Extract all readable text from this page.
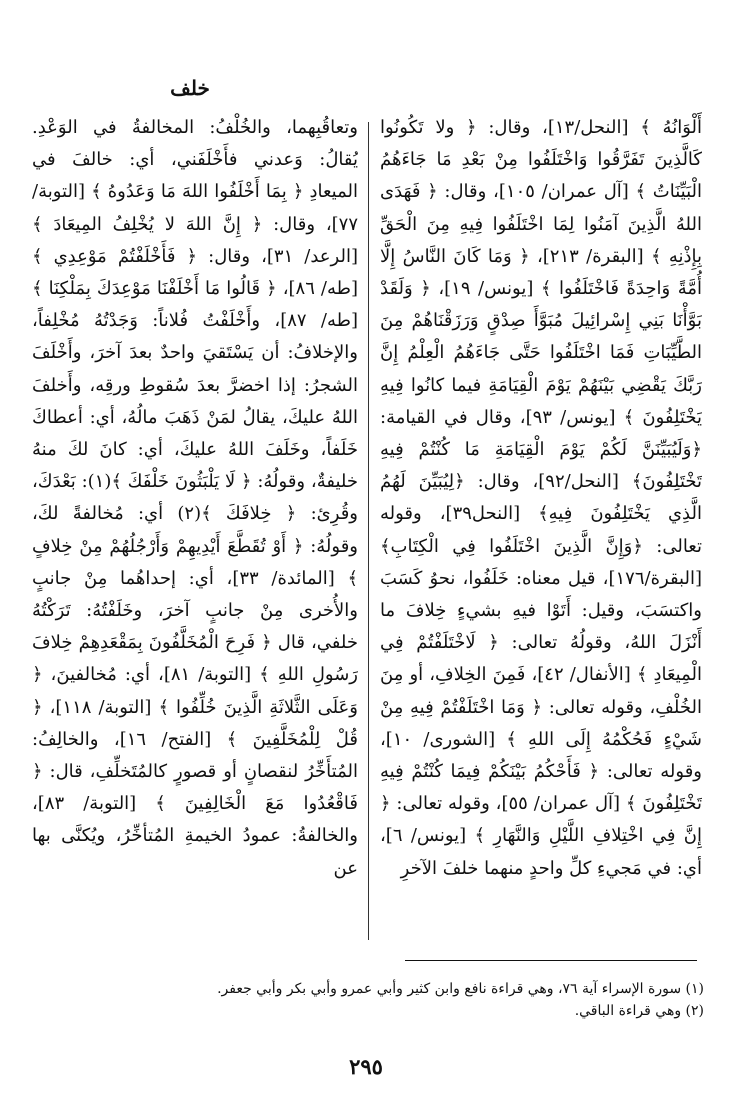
خلف

أَلْوَانُهُ ﴾ [النحل/١٣]، وقال: ﴿ ولا تَكُونُوا كَالَّذِينَ تَفَرَّقُوا وَاخْتَلَفُوا مِنْ بَعْدِ مَا جَاءَهُمُ الْبَيِّنَاتُ ﴾ [آل عمران/ ١٠٥]، وقال: ﴿ فَهَدَى اللهُ الَّذِينَ آمَنُوا لِمَا اخْتَلَفُوا فِيهِ مِنَ الْحَقِّ بِإِذْنِهِ ﴾ [البقرة/ ٢١٣]، ﴿ وَمَا كَانَ النَّاسُ إِلَّا أُمَّةً وَاحِدَةً فَاخْتَلَفُوا ﴾ [يونس/ ١٩]، ﴿ وَلَقَدْ بَوَّأْنَا بَنِي إِسْرائِيلَ مُبَوَّأَ صِدْقٍ وَرَزَقْنَاهُمْ مِنَ الطَّيِّبَاتِ فَمَا اخْتَلَفُوا حَتَّى جَاءَهُمُ الْعِلْمُ إِنَّ رَبَّكَ يَقْضِي بَيْنَهُمْ يَوْمَ الْقِيَامَةِ فيما كانُوا فِيهِ يَخْتَلِفُونَ ﴾ [يونس/ ٩٣]، وقال في القيامة: ﴿وَلَيُبَيِّنَنَّ لَكُمْ يَوْمَ الْقِيَامَةِ مَا كُنْتُمْ فِيهِ تَخْتَلِفُونَ﴾ [النحل/٩٢]، وقال: ﴿لِيُبَيِّنَ لَهُمُ الَّذِي يَخْتَلِفُونَ فِيهِ﴾ [النحل٣٩]، وقوله تعالى: ﴿وَإِنَّ الَّذِينَ اخْتَلَفُوا فِي الْكِتَابِ﴾ [البقرة/١٧٦]، قيل معناه: خَلَفُوا، نحوُ كَسَبَ واكتسَبَ، وقيل: أَتَوْا فيهِ بشيءٍ خِلافَ ما أَنْزَلَ اللهُ، وقولُهُ تعالى: ﴿ لَاخْتَلَفْتُمْ فِي الْمِيعَادِ ﴾ [الأنفال/ ٤٢]، فَمِنَ الخِلافِ، أو مِنَ الخُلْفِ، وقوله تعالى: ﴿ وَمَا اخْتَلَفْتُمْ فِيهِ مِنْ شَيْءٍ فَحُكْمُهُ إِلَى اللهِ ﴾ [الشورى/ ١٠]، وقوله تعالى: ﴿ فَأَحْكُمُ بَيْنَكُمْ فِيمَا كُنْتُمْ فِيهِ تَخْتَلِفُونَ ﴾ [آل عمران/ ٥٥]، وقوله تعالى: ﴿ إِنَّ فِي اخْتِلافِ اللَّيْلِ وَالنَّهَارِ ﴾ [يونس/ ٦]، أي: في مَجيءِ كلِّ واحدٍ منهما خلفَ الآخرِ

وتعاقُبِهما، والخُلْفُ: المخالفةُ في الوَعْدِ. يُقالُ: وَعدني فأَخْلَفَني، أي: خالفَ في الميعادِ ﴿ بِمَا أَخْلَفُوا اللهَ مَا وَعَدُوهُ ﴾ [التوبة/ ٧٧]، وقال: ﴿ إِنَّ اللهَ لا يُخْلِفُ المِيعَادَ ﴾ [الرعد/ ٣١]، وقال: ﴿ فَأَخْلَفْتُمْ مَوْعِدِي ﴾ [طه/ ٨٦]، ﴿ قَالُوا مَا أَخْلَفْنَا مَوْعِدَكَ بِمَلْكِنَا ﴾ [طه/ ٨٧]، وأَخْلَفْتُ فُلاناً: وَجَدْتُهُ مُخْلِفاً، والإخلافُ: أن يَسْتَقيَ واحدٌ بعدَ آخرَ، وأَخْلَفَ الشجرُ: إذا اخضرَّ بعدَ سُقوطِ ورقِه، وأَخلفَ اللهُ عليكَ، يقالُ لمَنْ ذَهَبَ مالُهُ، أي: أعطاكَ خَلَفاً، وخَلَفَ اللهُ عليكَ، أي: كانَ لكَ منهُ خليفةٌ، وقولُهُ: ﴿ لَا يَلْبَثُونَ خَلْفَكَ ﴾(١): بَعْدَكَ، وقُرِئ: ﴿ خِلافَكَ ﴾(٢) أي: مُخالفةً لكَ، وقولُهُ: ﴿ أَوْ تُقَطَّعَ أَيْدِيهِمْ وَأَرْجُلُهُمْ مِنْ خِلافٍ ﴾ [المائدة/ ٣٣]، أي: إحداهُما مِنْ جانبٍ والأُخرى مِنْ جانبٍ آخرَ، وخَلَفْتُهُ: تَرَكْتُهُ خلفي، قال ﴿ فَرِحَ الْمُخَلَّفُونَ بِمَقْعَدِهِمْ خِلافَ رَسُولِ اللهِ ﴾ [التوبة/ ٨١]، أي: مُخالفينَ، ﴿ وَعَلَى الثَّلاثَةِ الَّذِينَ خُلِّفُوا ﴾ [التوبة/ ١١٨]، ﴿ قُلْ لِلْمُخَلَّفِينَ ﴾ [الفتح/ ١٦]، والخالِفُ: المُتأَخِّرُ لنقصانٍ أو قصورٍ كالمُتَخلِّفِ، قال: ﴿ فَاقْعُدُوا مَعَ الْخَالِفِينَ ﴾ [التوبة/ ٨٣]، والخالفةُ: عمودُ الخيمةِ المُتأخِّرُ، ويُكنَّى بها عن

(١) سورة الإسراء آية ٧٦، وهي قراءة نافع وابن كثير وأبي عمرو وأبي بكر وأبي جعفر.

(٢) وهي قراءة الباقي.

٢٩٥
